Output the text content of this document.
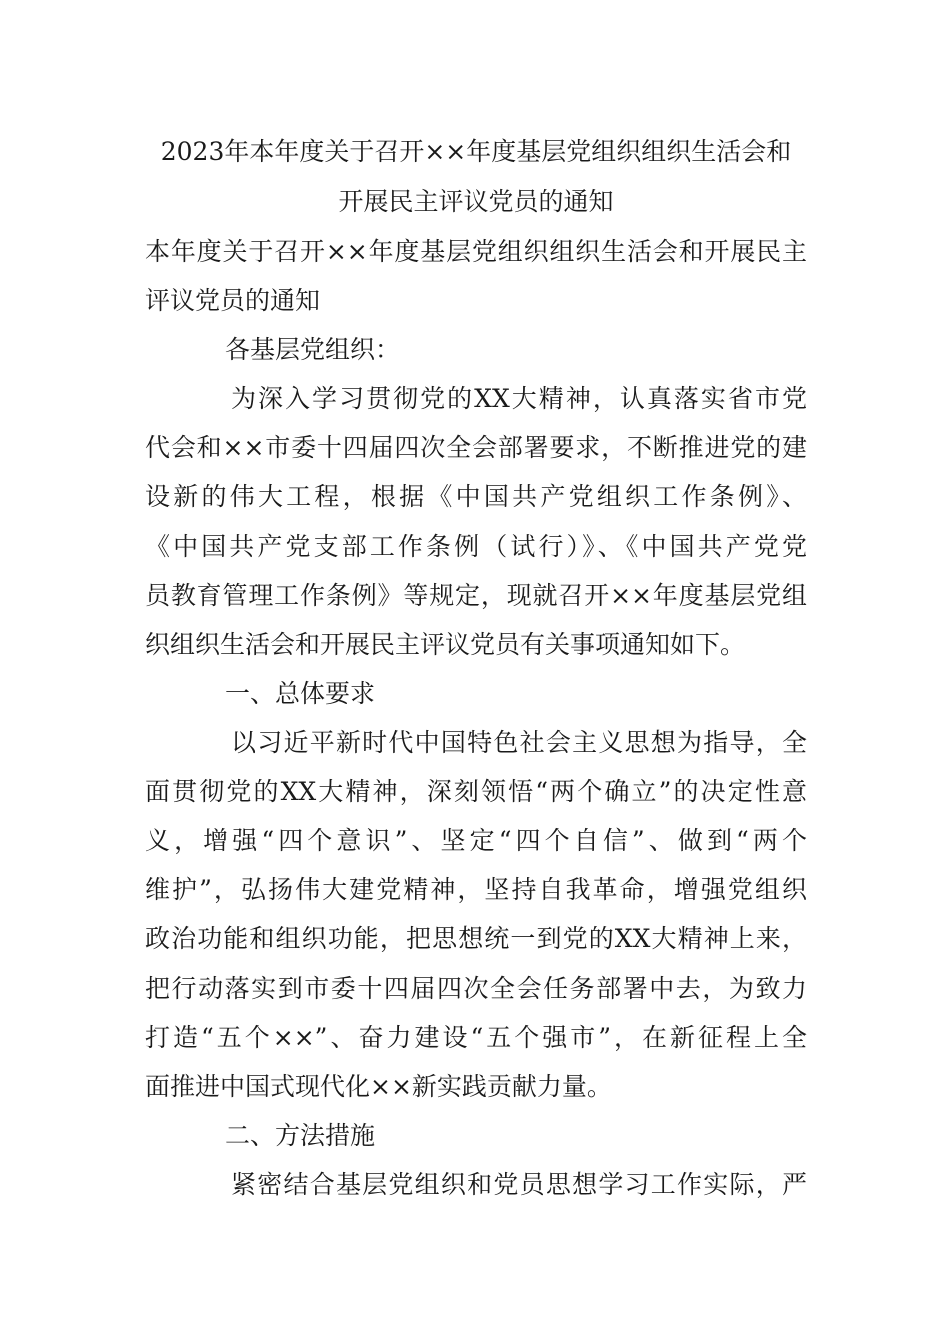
2023年本年度关于召开××年度基层党组织组织生活会和
开展民主评议党员的通知

本年度关于召开××年度基层党组织组织生活会和开展民主

评议党员的通知

各基层党组织：

为深入学习贯彻党的XX大精神，认真落实省市党

代会和××市委十四届四次全会部署要求，不断推进党的建

设新的伟大工程，根据《中国共产党组织工作条例》、

《中国共产党支部工作条例（试行）》、《中国共产党党

员教育管理工作条例》等规定，现就召开××年度基层党组

织组织生活会和开展民主评议党员有关事项通知如下。

一、总体要求

以习近平新时代中国特色社会主义思想为指导，全

面贯彻党的XX大精神，深刻领悟“两个确立”的决定性意

义，增强“四个意识”、坚定“四个自信”、做到“两个

维护”，弘扬伟大建党精神，坚持自我革命，增强党组织

政治功能和组织功能，把思想统一到党的XX大精神上来，

把行动落实到市委十四届四次全会任务部署中去，为致力

打造“五个××”、奋力建设“五个强市”，在新征程上全

面推进中国式现代化××新实践贡献力量。

二、方法措施

紧密结合基层党组织和党员思想学习工作实际，严
